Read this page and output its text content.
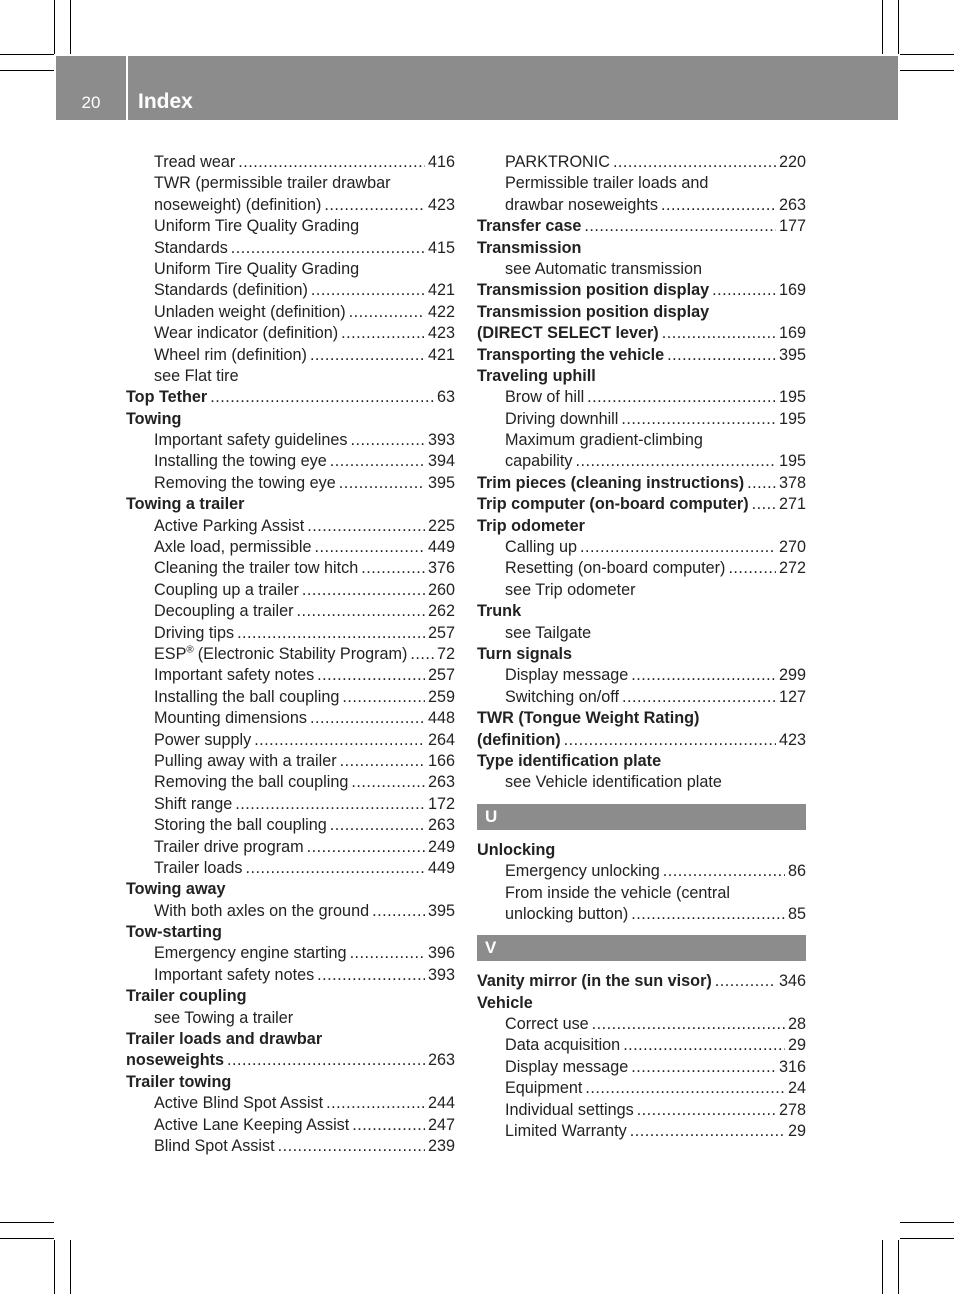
20	Index
Tread wear . . .	416
TWR (permissible trailer drawbar
noseweight) (definition) . . .	423
Uniform Tire Quality Grading
Standards . . .	415
Uniform Tire Quality Grading
Standards (definition) . . .	421
Unladen weight (definition) . . .	422
Wear indicator (definition) . . .	423
Wheel rim (definition) . . .	421
see Flat tire
Top Tether . . .	63
Towing
Important safety guidelines . . .	393
Installing the towing eye . . .	394
Removing the towing eye . . .	395
Towing a trailer
Active Parking Assist . . .	225
Axle load, permissible . . .	449
Cleaning the trailer tow hitch . . .	376
Coupling up a trailer . . .	260
Decoupling a trailer . . .	262
Driving tips . . .	257
ESP® (Electronic Stability Program) . . . 72
Important safety notes . . .	257
Installing the ball coupling . . .	259
Mounting dimensions . . .	448
Power supply . . .	264
Pulling away with a trailer . . .	166
Removing the ball coupling . . .	263
Shift range . . .	172
Storing the ball coupling . . .	263
Trailer drive program . . .	249
Trailer loads . . .	449
Towing away
With both axles on the ground . . .	395
Tow-starting
Emergency engine starting . . .	396
Important safety notes . . .	393
Trailer coupling
see Towing a trailer
Trailer loads and drawbar
noseweights . . .	263
Trailer towing
Active Blind Spot Assist . . .	244
Active Lane Keeping Assist . . .	247
Blind Spot Assist . . .	239
PARKTRONIC . . .	220
Permissible trailer loads and
drawbar noseweights . . .	263
Transfer case . . .	177
Transmission
see Automatic transmission
Transmission position display . . .	169
Transmission position display
(DIRECT SELECT lever) . . .	169
Transporting the vehicle . . .	395
Traveling uphill
Brow of hill . . .	195
Driving downhill . . .	195
Maximum gradient-climbing
capability . . .	195
Trim pieces (cleaning instructions) . . . 378
Trip computer (on-board computer) . . . 271
Trip odometer
Calling up . . .	270
Resetting (on-board computer) . . .	272
see Trip odometer
Trunk
see Tailgate
Turn signals
Display message . . .	299
Switching on/off . . .	127
TWR (Tongue Weight Rating)
(definition) . . .	423
Type identification plate
see Vehicle identification plate
U
Unlocking
Emergency unlocking . . .	86
From inside the vehicle (central
unlocking button) . . .	85
V
Vanity mirror (in the sun visor) . . .	346
Vehicle
Correct use . . .	28
Data acquisition . . .	29
Display message . . .	316
Equipment . . .	24
Individual settings . . .	278
Limited Warranty . . .	29
